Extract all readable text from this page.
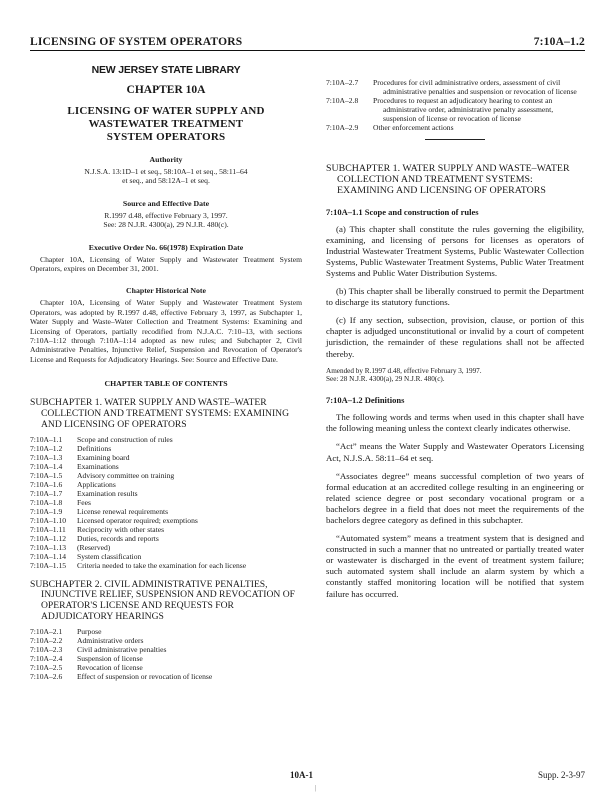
LICENSING OF SYSTEM OPERATORS	7:10A–1.2
NEW JERSEY STATE LIBRARY
CHAPTER 10A
LICENSING OF WATER SUPPLY AND
WASTEWATER TREATMENT
SYSTEM OPERATORS
Authority
N.J.S.A. 13:1D–1 et seq., 58:10A–1 et seq., 58:11–64
et seq., and 58:12A–1 et seq.
Source and Effective Date
R.1997 d.48, effective February 3, 1997.
See: 28 N.J.R. 4300(a), 29 N.J.R. 480(c).
Executive Order No. 66(1978) Expiration Date
Chapter 10A, Licensing of Water Supply and Wastewater Treatment System Operators, expires on December 31, 2001.
Chapter Historical Note
Chapter 10A, Licensing of Water Supply and Wastewater Treatment System Operators, was adopted by R.1997 d.48, effective February 3, 1997, as Subchapter 1, Water Supply and Waste–Water Collection and Treatment Systems: Examining and Licensing of Operators, partially recodified from N.J.A.C. 7:10–13, with sections 7:10A–1:12 through 7:10A–1:14 adopted as new rules; and Subchapter 2, Civil Administrative Penalties, Injunctive Relief, Suspension and Revocation of Operator's License and Requests for Adjudicatory Hearings. See: Source and Effective Date.
CHAPTER TABLE OF CONTENTS
SUBCHAPTER 1. WATER SUPPLY AND WASTE–WATER COLLECTION AND TREATMENT SYSTEMS: EXAMINING AND LICENSING OF OPERATORS
7:10A–1.1	Scope and construction of rules
7:10A–1.2	Definitions
7:10A–1.3	Examining board
7:10A–1.4	Examinations
7:10A–1.5	Advisory committee on training
7:10A–1.6	Applications
7:10A–1.7	Examination results
7:10A–1.8	Fees
7:10A–1.9	License renewal requirements
7:10A–1.10	Licensed operator required; exemptions
7:10A–1.11	Reciprocity with other states
7:10A–1.12	Duties, records and reports
7:10A–1.13	(Reserved)
7:10A–1.14	System classification
7:10A–1.15	Criteria needed to take the examination for each license
SUBCHAPTER 2. CIVIL ADMINISTRATIVE PENALTIES, INJUNCTIVE RELIEF, SUSPENSION AND REVOCATION OF OPERATOR'S LICENSE AND REQUESTS FOR ADJUDICATORY HEARINGS
7:10A–2.1	Purpose
7:10A–2.2	Administrative orders
7:10A–2.3	Civil administrative penalties
7:10A–2.4	Suspension of license
7:10A–2.5	Revocation of license
7:10A–2.6	Effect of suspension or revocation of license
7:10A–2.7	Procedures for civil administrative orders, assessment of civil administrative penalties and suspension or revocation of license
7:10A–2.8	Procedures to request an adjudicatory hearing to contest an administrative order, administrative penalty assessment, suspension of license or revocation of license
7:10A–2.9	Other enforcement actions
SUBCHAPTER 1. WATER SUPPLY AND WASTE–WATER COLLECTION AND TREATMENT SYSTEMS: EXAMINING AND LICENSING OF OPERATORS
7:10A–1.1 Scope and construction of rules
(a) This chapter shall constitute the rules governing the eligibility, examining, and licensing of persons for licenses as operators of Industrial Wastewater Treatment Systems, Public Wastewater Collection Systems, Public Wastewater Treatment Systems, Public Water Treatment Systems and Public Water Distribution Systems.
(b) This chapter shall be liberally construed to permit the Department to discharge its statutory functions.
(c) If any section, subsection, provision, clause, or portion of this chapter is adjudged unconstitutional or invalid by a court of competent jurisdiction, the remainder of these regulations shall not be affected thereby.
Amended by R.1997 d.48, effective February 3, 1997.
See: 28 N.J.R. 4300(a), 29 N.J.R. 480(c).
7:10A–1.2 Definitions
The following words and terms when used in this chapter shall have the following meaning unless the context clearly indicates otherwise.
“Act” means the Water Supply and Wastewater Operators Licensing Act, N.J.S.A. 58:11–64 et seq.
“Associates degree” means successful completion of two years of formal education at an accredited college resulting in an engineering or related science degree or post secondary vocational program or a bachelors degree in a field that does not meet the requirements of the bachelors degree category as defined in this subchapter.
“Automated system” means a treatment system that is designed and constructed in such a manner that no untreated or partially treated water or wastewater is discharged in the event of treatment system failure; such automated system shall include an alarm system by which a constantly staffed monitoring location will be notified that system failure has occurred.
10A-1	Supp. 2-3-97
|
